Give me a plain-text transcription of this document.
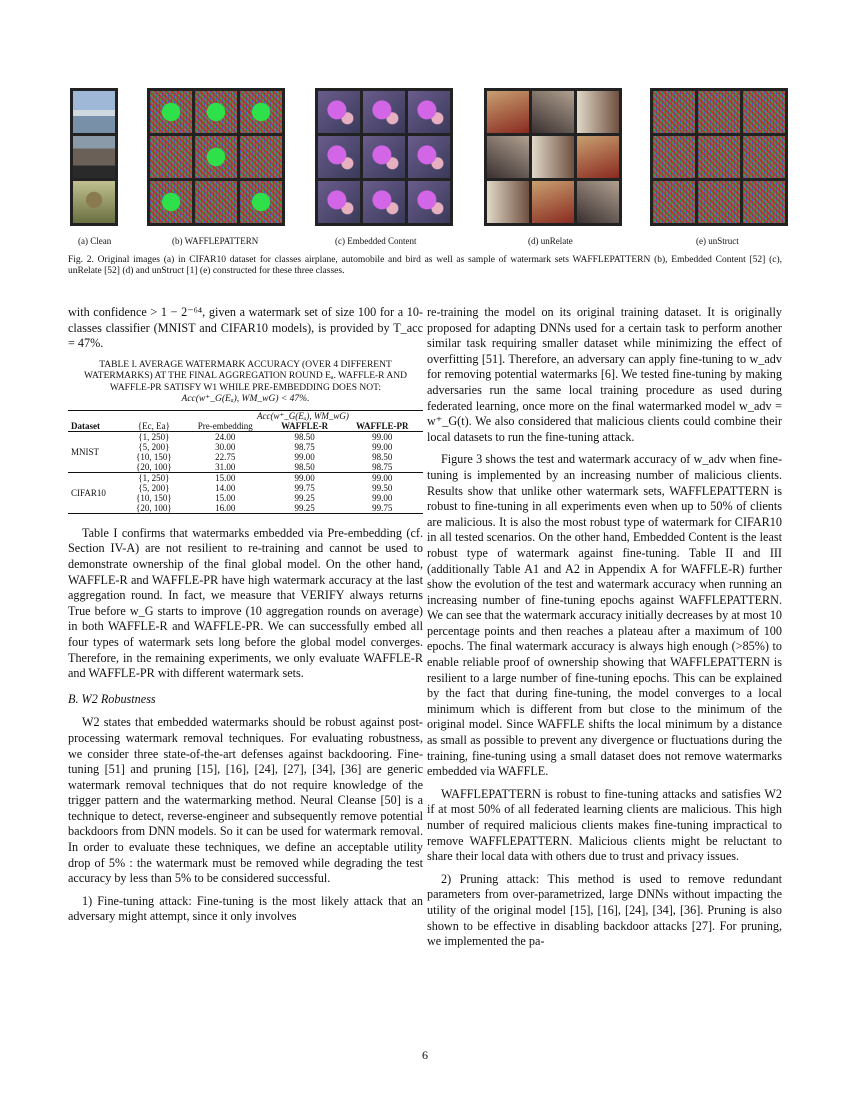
(a) Clean	(b) WAFFLEPATTERN	(c) Embedded Content	(d) unRelate	(e) unStruct
Fig. 2. Original images (a) in CIFAR10 dataset for classes airplane, automobile and bird as well as sample of watermark sets WAFFLEPATTERN (b), Embedded Content [52] (c), unRelate [52] (d) and unStruct [1] (e) constructed for these three classes.

with confidence > 1 − 2⁻⁶⁴, given a watermark set of size 100 for a 10-classes classifier (MNIST and CIFAR10 models), is provided by T_acc = 47%.

TABLE I. AVERAGE WATERMARK ACCURACY (OVER 4 DIFFERENT WATERMARKS) AT THE FINAL AGGREGATION ROUND Eₐ. WAFFLE-R AND WAFFLE-PR SATISFY W1 WHILE PRE-EMBEDDING DOES NOT:
Acc(w⁺_G(Eₐ), WM_wG) < 47%.
		Acc(w⁺_G(Eₐ), WM_wG)		
Dataset	{Ec, Ea}	Pre-embedding	WAFFLE-R	WAFFLE-PR
MNIST	{1, 250}	24.00	98.50	99.00
	{5, 200}	30.00	98.75	99.00
	{10, 150}	22.75	99.00	98.50
	{20, 100}	31.00	98.50	98.75
CIFAR10	{1, 250}	15.00	99.00	99.00
	{5, 200}	14.00	99.75	99.50
	{10, 150}	15.00	99.25	99.00
	{20, 100}	16.00	99.25	99.75

Table I confirms that watermarks embedded via Pre-embedding (cf. Section IV-A) are not resilient to re-training and cannot be used to demonstrate ownership of the final global model. On the other hand, WAFFLE-R and WAFFLE-PR have high watermark accuracy at the last aggregation round. In fact, we measure that VERIFY always returns True before w_G starts to improve (10 aggregation rounds on average) in both WAFFLE-R and WAFFLE-PR. We can successfully embed all four types of watermark sets long before the global model converges. Therefore, in the remaining experiments, we only evaluate WAFFLE-R and WAFFLE-PR with different watermark sets.

B. W2 Robustness

W2 states that embedded watermarks should be robust against post-processing watermark removal techniques. For evaluating robustness, we consider three state-of-the-art defenses against backdooring. Fine-tuning [51] and pruning [15], [16], [24], [27], [34], [36] are generic watermark removal techniques that do not require knowledge of the trigger pattern and the watermarking method. Neural Cleanse [50] is a technique to detect, reverse-engineer and subsequently remove potential backdoors from DNN models. So it can be used for watermark removal. In order to evaluate these techniques, we define an acceptable utility drop of 5% : the watermark must be removed while degrading the test accuracy by less than 5% to be considered successful.

1) Fine-tuning attack: Fine-tuning is the most likely attack that an adversary might attempt, since it only involves

re-training the model on its original training dataset. It is originally proposed for adapting DNNs used for a certain task to perform another similar task requiring smaller dataset while minimizing the effect of overfitting [51]. Therefore, an adversary can apply fine-tuning to w_adv for removing potential watermarks [6]. We tested fine-tuning by making adversaries run the same local training procedure as used during federated learning, once more on the final watermarked model w_adv = w⁺_G(t). We also considered that malicious clients could combine their local datasets to run the fine-tuning attack.

Figure 3 shows the test and watermark accuracy of w_adv when fine-tuning is implemented by an increasing number of malicious clients. Results show that unlike other watermark sets, WAFFLEPATTERN is robust to fine-tuning in all experiments even when up to 50% of clients are malicious. It is also the most robust type of watermark for CIFAR10 in all tested scenarios. On the other hand, Embedded Content is the least robust type of watermark against fine-tuning. Table II and III (additionally Table A1 and A2 in Appendix A for WAFFLE-R) further show the evolution of the test and watermark accuracy when running an increasing number of fine-tuning epochs against WAFFLEPATTERN. We can see that the watermark accuracy initially decreases by at most 10 percentage points and then reaches a plateau after a maximum of 100 epochs. The final watermark accuracy is always high enough (>85%) to enable reliable proof of ownership showing that WAFFLEPATTERN is resilient to a large number of fine-tuning epochs. This can be explained by the fact that during fine-tuning, the model converges to a local minimum which is different from but close to the minimum of the original model. Since WAFFLE shifts the local minimum by a distance as small as possible to prevent any divergence or fluctuations during the training, fine-tuning using a small dataset does not remove watermarks embedded via WAFFLE.

WAFFLEPATTERN is robust to fine-tuning attacks and satisfies W2 if at most 50% of all federated learning clients are malicious. This high number of required malicious clients makes fine-tuning impractical to remove WAFFLEPATTERN. Malicious clients might be reluctant to share their local data with others due to trust and privacy issues.

2) Pruning attack: This method is used to remove redundant parameters from over-parametrized, large DNNs without impacting the utility of the original model [15], [16], [24], [34], [36]. Pruning is also shown to be effective in disabling backdoor attacks [27]. For pruning, we implemented the pa-

6
